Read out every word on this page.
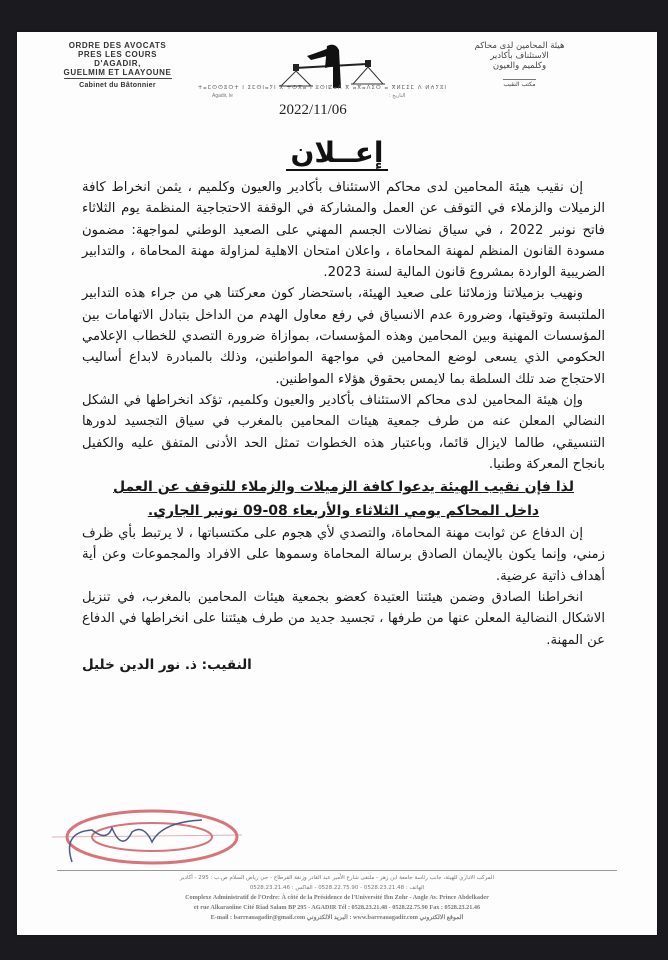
ORDRE DES AVOCATS
PRES LES COURS
D'AGADIR,
GUELMIM ET LAAYOUNE
Cabinet du Bâtonnier
هيئة المحامين لدى محاكم
الاستئناف بأكادير
وكلميم والعيون
مكتب النقيب
ⵜⴰⵎⵙⵙⵓⵔⵜ ⵏ ⵉⵎⵙⵏⴰⵢⵏ ⴳ ⵜⵙⴳⴰ ⵏ ⵓⵙⵏⵇⴰⴷ ⴳ ⴰⴳⴰⴷⵉⵔ ⴰ ⴳⵍⵎⵉⵎ ⴷ ⵍⵄⵢⵓⵏ
Agadir, le	التاريخ :
2022/11/06
إعــلان

إن نقيب هيئة المحامين لدى محاكم الاستئناف بأكادير والعيون وكلميم ، يثمن انخراط كافة الزميلات والزملاء في التوقف عن العمل والمشاركة في الوقفة الاحتجاجية المنظمة يوم الثلاثاء فاتح نونبر 2022 ، في سياق نضالات الجسم المهني على الصعيد الوطني لمواجهة: مضمون مسودة القانون المنظم لمهنة المحاماة ، واعلان امتحان الاهلية لمزاولة مهنة المحاماة ، والتدابير الضريبية الواردة بمشروع قانون المالية لسنة 2023.

ونهيب بزميلاتنا وزملائنا على صعيد الهيئة، باستحضار كون معركتنا هي من جراء هذه التدابير الملتبسة وتوقيتها، وضرورة عدم الانسياق في رفع معاول الهدم من الداخل بتبادل الاتهامات بين المؤسسات المهنية وبين المحامين وهذه المؤسسات، بموازاة ضرورة التصدي للخطاب الإعلامي الحكومي الذي يسعى لوضع المحامين في مواجهة المواطنين، وذلك بالمبادرة لابداع أساليب الاحتجاج ضد تلك السلطة بما لايمس بحقوق هؤلاء المواطنين.

وإن هيئة المحامين لدى محاكم الاستئناف بأكادير والعيون وكلميم، تؤكد انخراطها في الشكل النضالي المعلن عنه من طرف جمعية هيئات المحامين بالمغرب في سياق التجسيد لدورها التنسيقي، طالما لايزال قائما، وباعتبار هذه الخطوات تمثل الحد الأدنى المتفق عليه والكفيل بانجاح المعركة وطنيا.

لذا فإن نقيب الهيئة يدعوا كافة الزميلات والزملاء للتوقف عن العمل
داخل المحاكم يومي الثلاثاء والأربعاء 08-09 نونبر الجاري.

إن الدفاع عن ثوابت مهنة المحاماة، والتصدي لأي هجوم على مكتسباتها ، لا يرتبط بأي ظرف زمني، وإنما يكون بالإيمان الصادق برسالة المحاماة وسموها على الافراد والمجموعات وعن أية أهداف ذاتية عرضية.

انخراطنا الصادق وضمن هيئتنا العتيدة كعضو بجمعية هيئات المحامين بالمغرب، في تنزيل الاشكال النضالية المعلن عنها من طرفها ، تجسيد جديد من طرف هيئتنا على انخراطها في الدفاع عن المهنة.

النقيب: ذ. نور الدين خليل

المركب الاداري للهيئة، جانب رئاسة جامعة ابن زهر - ملتقى شارع الأمير عبد القادر وزنقة القرطاج - حي رياض السلام ص.ب : 295 - أكادير
الهاتف : 0528.23.21.48 - 0528.22.75.90 - الفاكس : 0528.23.21.46
Complexe Administratif de l'Ordre: À côté de la Présidence de l'Université Ibn Zohr - Angle Av. Prince Abdelkader
et rue Alkaraoiine Cité Riad Salam BP 295 - AGADIR Tél : 0528.23.21.48 - 0528.22.75.90 Fax : 0528.23.21.46
E-mail : barreauagadir@gmail.com البريد الالكتروني : www.barreauagadir.com الموقع الالكتروني
